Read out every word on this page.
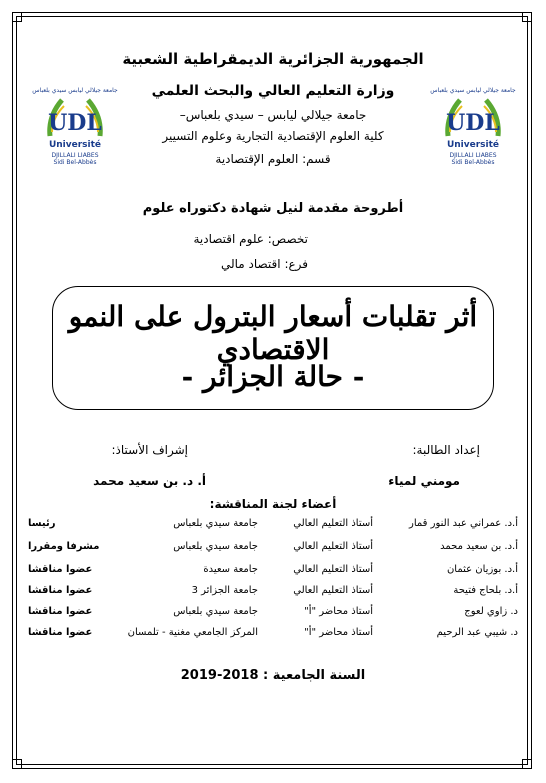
جامعة جيلالي ليابس سيدي بلعباس
UDL
Université
DJILLALI LIABES
Sidi Bel-Abbès
جامعة جيلالي ليابس سيدي بلعباس
UDL
Université
DJILLALI LIABES
Sidi Bel-Abbès
الجمهورية الجزائرية الديمقراطية الشعبية
وزارة التعليم العالي والبحث العلمي
جامعة جيلالي ليابس – سيدي بلعباس–
كلية العلوم الإقتصادية التجارية وعلوم التسيير
قسم: العلوم الإقتصادية
أطروحة مقدمة لنيل شهادة دكتوراه علوم
تخصص: علوم اقتصادية
فرع: اقتصاد مالي
أثر تقلبات أسعار البترول على النمو الاقتصادي
- حالة الجزائر -
إعداد الطالبة:
مومني لمياء
إشراف الأستاذ:
أ. د. بن سعيد محمد
أعضاء لجنة المناقشة:
أ.د. عمراني عبد النور قمار
أستاذ التعليم العالي
جامعة سيدي بلعباس
رئيسا
أ.د. بن سعيد محمد
أستاذ التعليم العالي
جامعة سيدي بلعباس
مشرفا ومقررا
أ.د. بوزيان عثمان
أستاذ التعليم العالي
جامعة سعيدة
عضوا مناقشا
أ.د. بلحاج فتيحة
أستاذ التعليم العالي
جامعة الجزائر 3
عضوا مناقشا
د. زاوي لعوج
أستاذ محاضر "أ"
جامعة سيدي بلعباس
عضوا مناقشا
د. شيبي عبد الرحيم
أستاذ محاضر "أ"
المركز الجامعي مغنية - تلمسان
عضوا مناقشا
السنة الجامعية : 2018-2019
